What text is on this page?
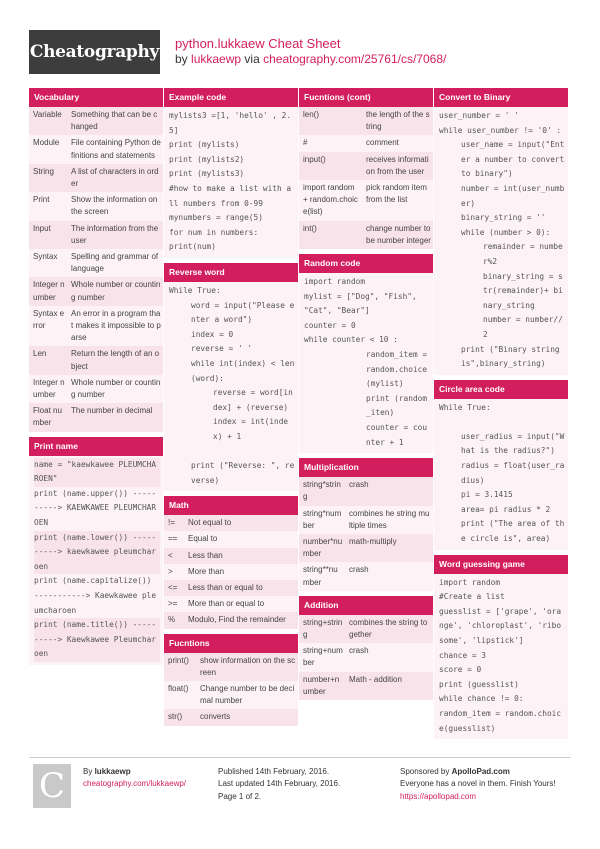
Cheatography python.lukkaew Cheat Sheet
by lukkaewp via cheatography.com/25761/cs/7068/
Vocabulary
Variable	Something that can be changed
Module	File containing Python definitions and statements
String	A list of characters in order
Print	Show the information on the screen
Input	The information from the user
Syntax	Spelling and grammar of language
Integer number	Whole number or counting number
Syntax error	An error in a program that makes it impossible to parse
Len	Return the length of an object
Integer number	Whole number or counting number
Float number	The number in decimal
Print name
name = "kaewkawee PLEUMCHAROEN"
print (name.upper()) ----------> KAEWKAWEE PLEUMCHAROEN
print (name.lower()) ----------> kaewkawee pleumcharoen
print (name.capitalize()) -----------> Kaewkawee pleumcharoen
print (name.title()) ----------> Kaewkawee Pleumcharoen
Example code
mylists3 =[1, 'hello' , 2.5]
print (mylists)
print (mylists2)
print (mylists3)
#how to make a list with all numbers from 0-99
mynumbers = range(5)
for num in numbers:
print(num)
Reverse word
While True:
word = input("Please enter a word")
index = 0
reverse = ' '
while int(index) < len(word):
reverse = word[index] + (reverse)
index = int(index) + 1
print ("Reverse: ", reverse)
Math
!=	Not equal to
==	Equal to
<	Less than
>	More than
<=	Less than or equal to
>=	More than or equal to
%	Modulo, Find the remainder
Fucntions
print()	show information on the screen
float()	Change number to be decimal number
str()	converts
Fucntions (cont)
len()	the length of the string
#	comment
input()	receives information from the user
import random + random.choice(list)	pick random item from the list
int()	change number to be number integer
Random code
import random
mylist = ["Dog", "Fish", "Cat", "Bear"]
counter = 0
while counter < 10 :
random_item = random.choice (mylist)
print (random_iten)
counter = counter + 1
Multiplication
string*string	crash
string*number	combines he string multiple times
number*number	math-multiply
string**number	crash
Addition
string+string	combines the string together
string+number	crash
number+number	Math - addition
Convert to Binary
user_number = ' '
while user_number != '0' :
user_name = input("Enter a number to convert to binary")
number = int(user_number)
binary_string = ''
while (number > 0):
remainder = number%2
binary_string = str(remainder)+ binary_string
number = number//2
print ("Binary string is",binary_string)
Circle area code
While True:
user_radius = input("What is the radius?")
radius = float(user_radius)
pi = 3.1415
area= pi radius * 2
print ("The area of the circle is", area)
Word guessing game
import random
#Create a list
guesslist = ['grape', 'orange', 'chloroplast', 'ribosome', 'lipstick']
chance = 3
score = 0
print (guesslist)
while chance != 0:
random_item = random.choice(guesslist)
C	By lukkaewp
cheatography.com/lukkaewp/
Published 14th February, 2016.
Last updated 14th February, 2016.
Page 1 of 2.
Sponsored by ApolloPad.com
Everyone has a novel in them. Finish Yours!
https://apollopad.com
